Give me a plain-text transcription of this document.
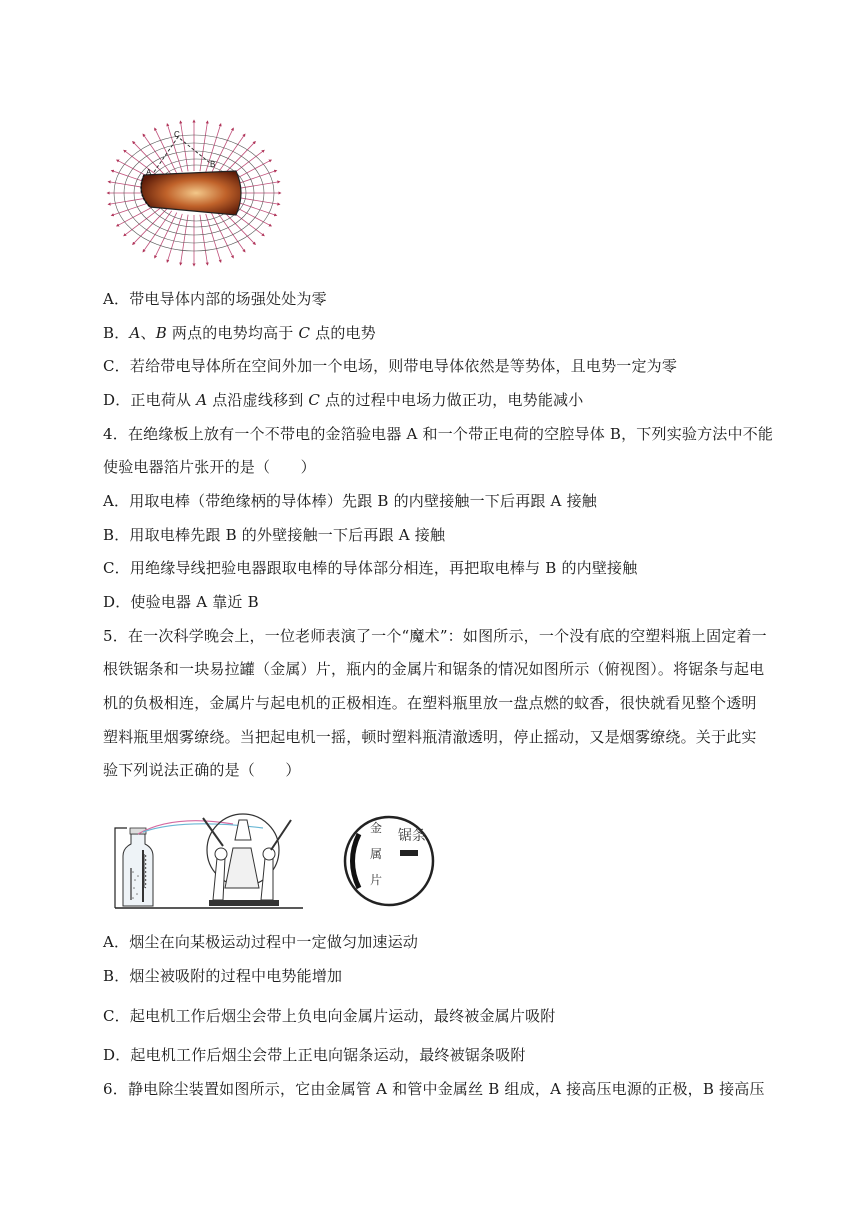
C
B
A
A．带电导体内部的场强处处为零
B．A、B 两点的电势均高于 C 点的电势
C．若给带电导体所在空间外加一个电场，则带电导体依然是等势体，且电势一定为零
D．正电荷从 A 点沿虚线移到 C 点的过程中电场力做正功，电势能减小
4．在绝缘板上放有一个不带电的金箔验电器 A 和一个带正电荷的空腔导体 B，下列实验方法中不能
使验电器箔片张开的是（　　）
A．用取电棒（带绝缘柄的导体棒）先跟 B 的内壁接触一下后再跟 A 接触
B．用取电棒先跟 B 的外壁接触一下后再跟 A 接触
C．用绝缘导线把验电器跟取电棒的导体部分相连，再把取电棒与 B 的内壁接触
D．使验电器 A 靠近 B
5．在一次科学晚会上，一位老师表演了一个“魔术”：如图所示，一个没有底的空塑料瓶上固定着一
根铁锯条和一块易拉罐（金属）片，瓶内的金属片和锯条的情况如图所示（俯视图）。将锯条与起电
机的负极相连，金属片与起电机的正极相连。在塑料瓶里放一盘点燃的蚊香，很快就看见整个透明
塑料瓶里烟雾缭绕。当把起电机一摇，顿时塑料瓶清澈透明，停止摇动，又是烟雾缭绕。关于此实
验下列说法正确的是（　　）
金 属 片
锯条
A．烟尘在向某极运动过程中一定做匀加速运动
B．烟尘被吸附的过程中电势能增加
C．起电机工作后烟尘会带上负电向金属片运动，最终被金属片吸附
D．起电机工作后烟尘会带上正电向锯条运动，最终被锯条吸附
6．静电除尘装置如图所示，它由金属管 A 和管中金属丝 B 组成，A 接高压电源的正极，B 接高压
